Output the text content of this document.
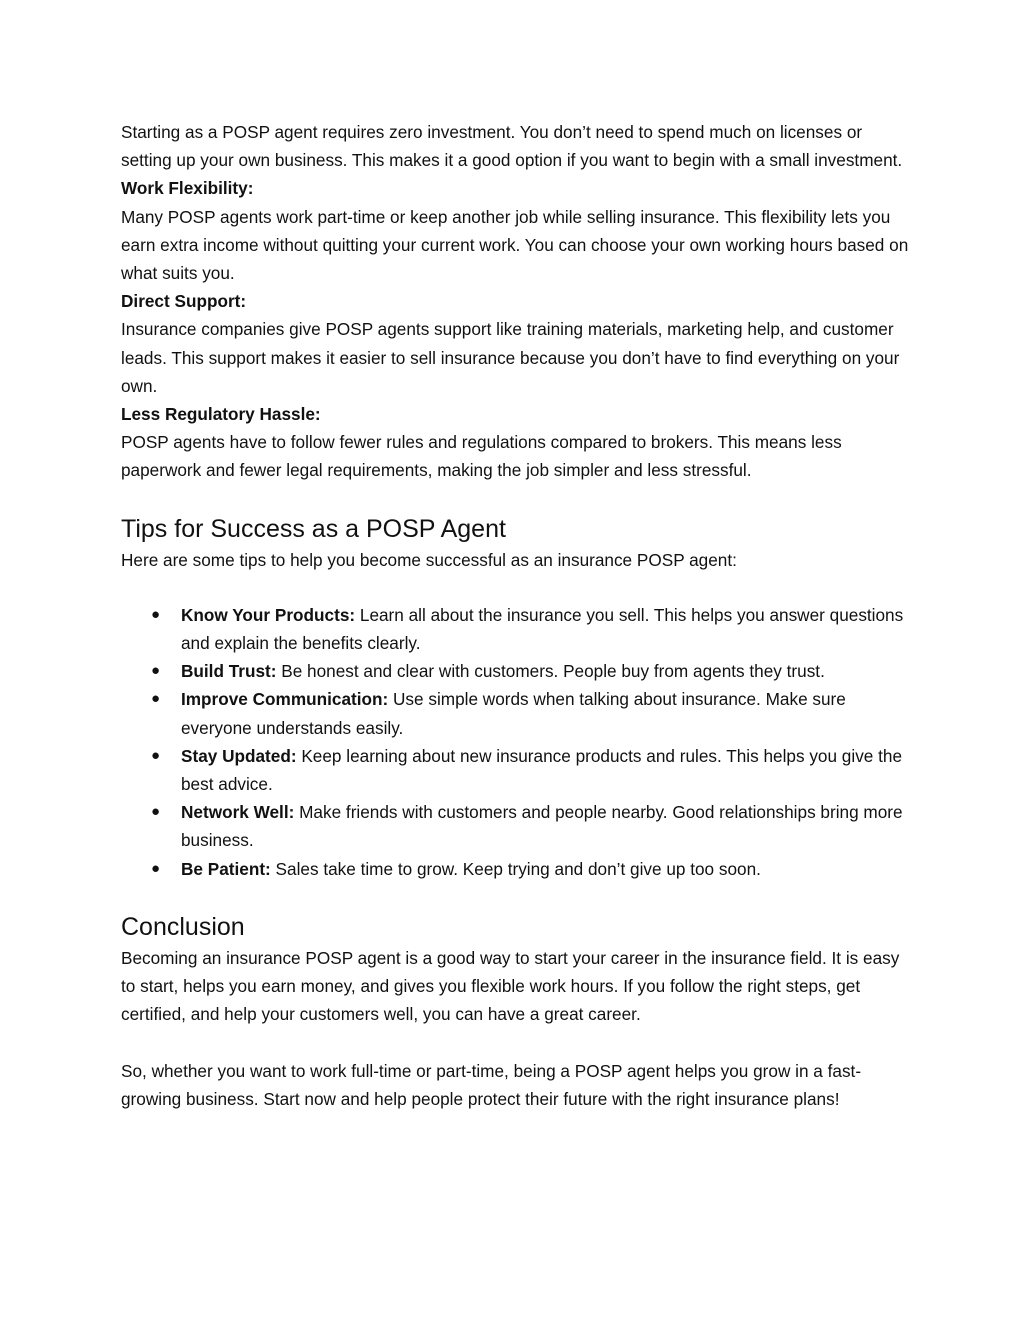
Starting as a POSP agent requires zero investment. You don’t need to spend much on licenses or setting up your own business. This makes it a good option if you want to begin with a small investment.

Work Flexibility:

Many POSP agents work part-time or keep another job while selling insurance. This flexibility lets you earn extra income without quitting your current work. You can choose your own working hours based on what suits you.

Direct Support:

Insurance companies give POSP agents support like training materials, marketing help, and customer leads. This support makes it easier to sell insurance because you don’t have to find everything on your own.

Less Regulatory Hassle:

POSP agents have to follow fewer rules and regulations compared to brokers. This means less paperwork and fewer legal requirements, making the job simpler and less stressful.

Tips for Success as a POSP Agent

Here are some tips to help you become successful as an insurance POSP agent:

● Know Your Products: Learn all about the insurance you sell. This helps you answer questions and explain the benefits clearly.
● Build Trust: Be honest and clear with customers. People buy from agents they trust.
● Improve Communication: Use simple words when talking about insurance. Make sure everyone understands easily.
● Stay Updated: Keep learning about new insurance products and rules. This helps you give the best advice.
● Network Well: Make friends with customers and people nearby. Good relationships bring more business.
● Be Patient: Sales take time to grow. Keep trying and don’t give up too soon.
Conclusion

Becoming an insurance POSP agent is a good way to start your career in the insurance field. It is easy to start, helps you earn money, and gives you flexible work hours. If you follow the right steps, get certified, and help your customers well, you can have a great career.

So, whether you want to work full-time or part-time, being a POSP agent helps you grow in a fast-growing business. Start now and help people protect their future with the right insurance plans!
